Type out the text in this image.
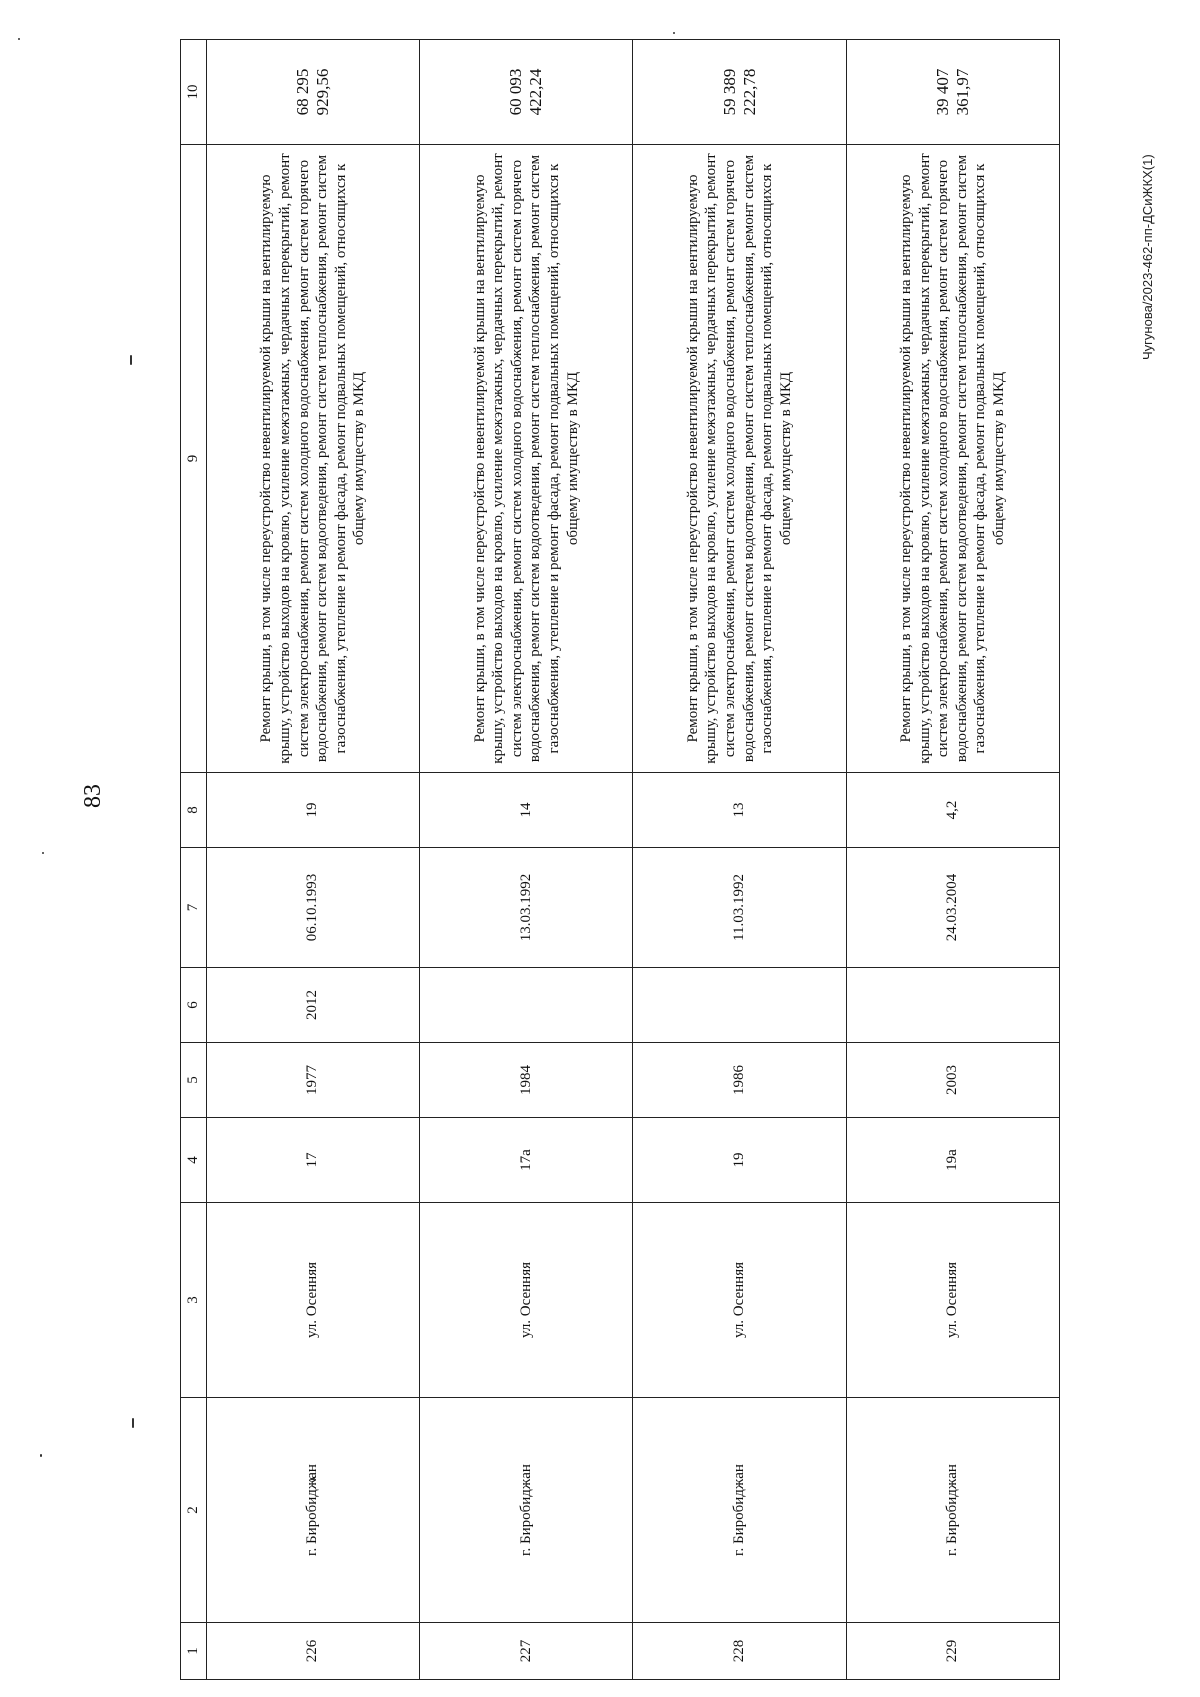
83
Чугунова/2023-462-пп-ДСиЖКХ(1)
1	2	3	4	5	6	7	8	9	10
226	г. Биробиджан	ул. Осенняя	17	1977	2012	06.10.1993	19	Ремонт крыши, в том числе переустройство невентилируемой крыши на вентилируемую крышу, устройство выходов на кровлю, усиление межэтажных, чердачных перекрытий, ремонт систем электроснабжения, ремонт систем холодного водоснабжения, ремонт систем горячего водоснабжения, ремонт систем водоотведения, ремонт систем теплоснабжения, ремонт систем газоснабжения, утепление и ремонт фасада, ремонт подвальных помещений, относящихся к общему имуществу в МКД	68 295 929,56
227	г. Биробиджан	ул. Осенняя	17а	1984		13.03.1992	14	Ремонт крыши, в том числе переустройство невентилируемой крыши на вентилируемую крышу, устройство выходов на кровлю, усиление межэтажных, чердачных перекрытий, ремонт систем электроснабжения, ремонт систем холодного водоснабжения, ремонт систем горячего водоснабжения, ремонт систем водоотведения, ремонт систем теплоснабжения, ремонт систем газоснабжения, утепление и ремонт фасада, ремонт подвальных помещений, относящихся к общему имуществу в МКД	60 093 422,24
228	г. Биробиджан	ул. Осенняя	19	1986		11.03.1992	13	Ремонт крыши, в том числе переустройство невентилируемой крыши на вентилируемую крышу, устройство выходов на кровлю, усиление межэтажных, чердачных перекрытий, ремонт систем электроснабжения, ремонт систем холодного водоснабжения, ремонт систем горячего водоснабжения, ремонт систем водоотведения, ремонт систем теплоснабжения, ремонт систем газоснабжения, утепление и ремонт фасада, ремонт подвальных помещений, относящихся к общему имуществу в МКД	59 389 222,78
229	г. Биробиджан	ул. Осенняя	19а	2003		24.03.2004	4,2	Ремонт крыши, в том числе переустройство невентилируемой крыши на вентилируемую крышу, устройство выходов на кровлю, усиление межэтажных, чердачных перекрытий, ремонт систем электроснабжения, ремонт систем холодного водоснабжения, ремонт систем горячего водоснабжения, ремонт систем водоотведения, ремонт систем теплоснабжения, ремонт систем газоснабжения, утепление и ремонт фасада, ремонт подвальных помещений, относящихся к общему имуществу в МКД	39 407 361,97
